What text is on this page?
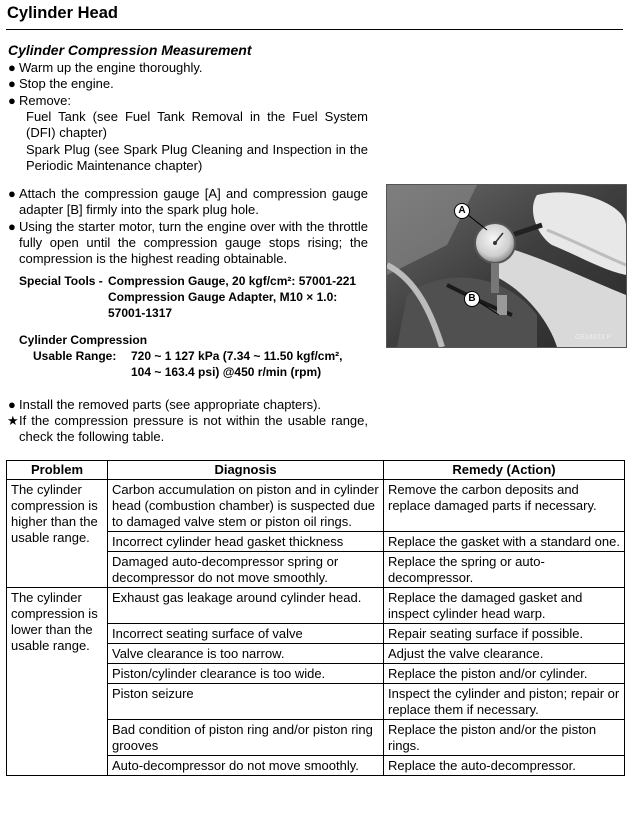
Cylinder Head
Cylinder Compression Measurement
● Warm up the engine thoroughly.
● Stop the engine.
● Remove:
Fuel Tank (see Fuel Tank Removal in the Fuel System (DFI) chapter)
Spark Plug (see Spark Plug Cleaning and Inspection in the Periodic Maintenance chapter)
● Attach the compression gauge [A] and compression gauge adapter [B] firmly into the spark plug hole.
● Using the starter motor, turn the engine over with the throttle fully open until the compression gauge stops rising; the compression is the highest reading obtainable.
Special Tools - Compression Gauge, 20 kgf/cm²: 57001-221
Compression Gauge Adapter, M10 × 1.0:
57001-1317
Cylinder Compression
Usable Range: 720 ~ 1 127 kPa (7.34 ~ 11.50 kgf/cm²,
104 ~ 163.4 psi) @450 r/min (rpm)
● Install the removed parts (see appropriate chapters).
★ If the compression pressure is not within the usable range, check the following table.
A
B
GE14823 P
Problem	Diagnosis	Remedy (Action)
The cylinder compression is higher than the usable range.	Carbon accumulation on piston and in cylinder head (combustion chamber) is suspected due to damaged valve stem or piston oil rings.	Remove the carbon deposits and replace damaged parts if necessary.
	Incorrect cylinder head gasket thickness	Replace the gasket with a standard one.
	Damaged auto-decompressor spring or decompressor do not move smoothly.	Replace the spring or auto-decompressor.
The cylinder compression is lower than the usable range.	Exhaust gas leakage around cylinder head.	Replace the damaged gasket and inspect cylinder head warp.
	Incorrect seating surface of valve	Repair seating surface if possible.
	Valve clearance is too narrow.	Adjust the valve clearance.
	Piston/cylinder clearance is too wide.	Replace the piston and/or cylinder.
	Piston seizure	Inspect the cylinder and piston; repair or replace them if necessary.
	Bad condition of piston ring and/or piston ring grooves	Replace the piston and/or the piston rings.
	Auto-decompressor do not move smoothly.	Replace the auto-decompressor.
